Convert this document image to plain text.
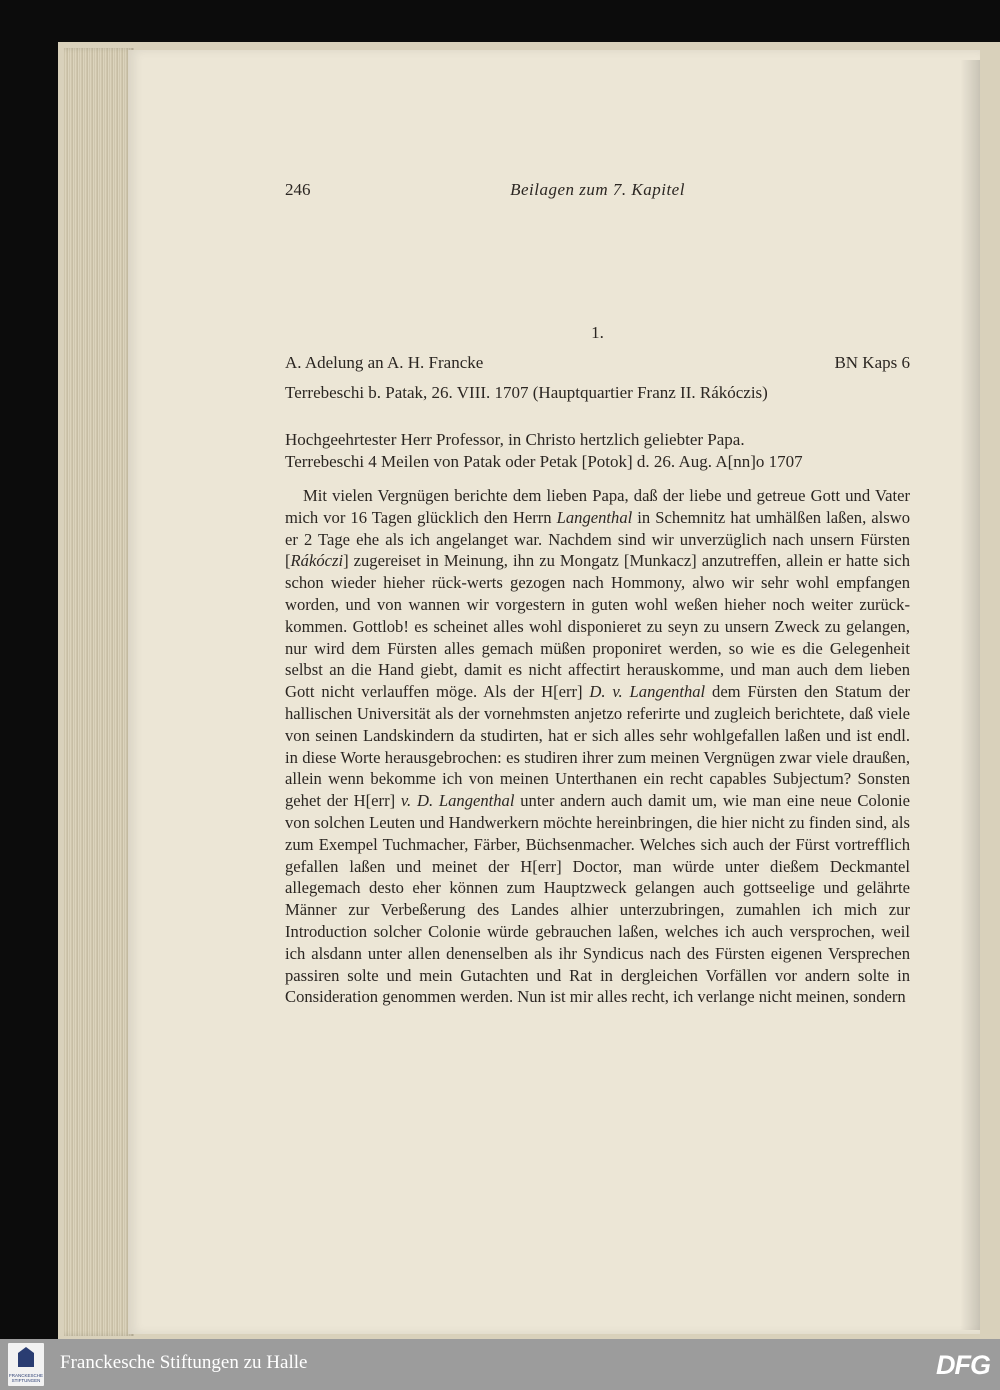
246	Beilagen zum 7. Kapitel
1.
A. Adelung an A. H. Francke	BN Kaps 6
Terrebeschi b. Patak, 26. VIII. 1707 (Hauptquartier Franz II. Rákóczis)
Hochgeehrtester Herr Professor, in Christo hertzlich geliebter Papa.
Terrebeschi 4 Meilen von Patak oder Petak [Potok] d. 26. Aug. A[nn]o 1707

Mit vielen Vergnügen berichte dem lieben Papa, daß der liebe und getreue Gott und Vater mich vor 16 Tagen glücklich den Herrn Langenthal in Schemnitz hat umhälßen laßen, alswo er 2 Tage ehe als ich angelanget war. Nachdem sind wir unverzüglich nach unsern Fürsten [Rákóczi] zugereiset in Meinung, ihn zu Mongatz [Munkacz] anzutreffen, allein er hatte sich schon wieder hieher rück-werts gezogen nach Hommony, alwo wir sehr wohl empfangen worden, und von wannen wir vorgestern in guten wohl weßen hieher noch weiter zurück-kommen. Gottlob! es scheinet alles wohl disponieret zu seyn zu unsern Zweck zu gelangen, nur wird dem Fürsten alles gemach müßen proponiret werden, so wie es die Gelegenheit selbst an die Hand giebt, damit es nicht affectirt herauskomme, und man auch dem lieben Gott nicht verlauffen möge. Als der H[err] D. v. Langenthal dem Fürsten den Statum der hallischen Universität als der vornehmsten anjetzo referirte und zugleich berichtete, daß viele von seinen Landskindern da studirten, hat er sich alles sehr wohlgefallen laßen und ist endl. in diese Worte herausgebrochen: es studiren ihrer zum meinen Vergnügen zwar viele draußen, allein wenn bekomme ich von meinen Unterthanen ein recht capables Subjectum? Sonsten gehet der H[err] v. D. Langenthal unter andern auch damit um, wie man eine neue Colonie von solchen Leuten und Handwerkern möchte hereinbringen, die hier nicht zu finden sind, als zum Exempel Tuchmacher, Färber, Büchsenmacher. Welches sich auch der Fürst vortrefflich gefallen laßen und meinet der H[err] Doctor, man würde unter dießem Deckmantel allegemach desto eher können zum Hauptzweck gelangen auch gottseelige und gelährte Männer zur Verbeßerung des Landes alhier unterzubringen, zumahlen ich mich zur Introduction solcher Colonie würde gebrauchen laßen, welches ich auch versprochen, weil ich alsdann unter allen denenselben als ihr Syndicus nach des Fürsten eigenen Versprechen passiren solte und mein Gutachten und Rat in dergleichen Vorfällen vor andern solte in Consideration genommen werden. Nun ist mir alles recht, ich verlange nicht meinen, sondern

FRANCKESCHE
STIFTUNGEN
Franckesche Stiftungen zu Halle	DFG
